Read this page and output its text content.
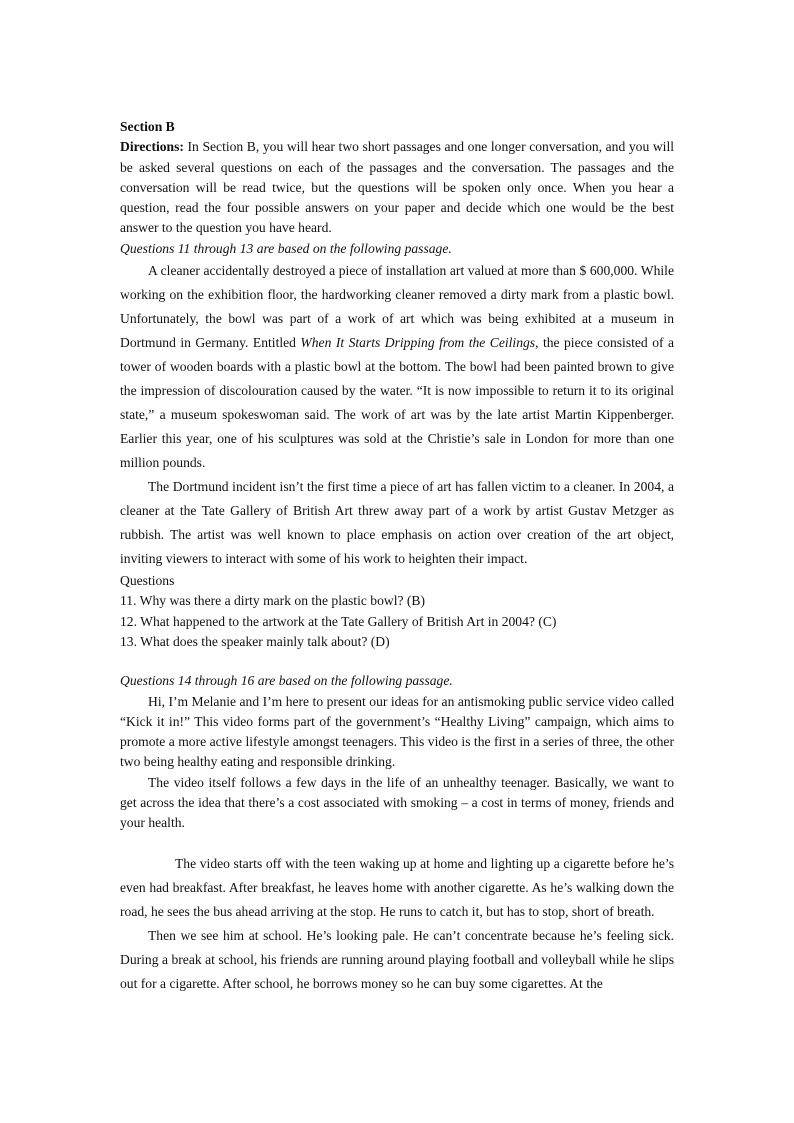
Section B

Directions: In Section B, you will hear two short passages and one longer conversation, and you will be asked several questions on each of the passages and the conversation. The passages and the conversation will be read twice, but the questions will be spoken only once. When you hear a question, read the four possible answers on your paper and decide which one would be the best answer to the question you have heard.

Questions 11 through 13 are based on the following passage.

A cleaner accidentally destroyed a piece of installation art valued at more than $ 600,000. While working on the exhibition floor, the hardworking cleaner removed a dirty mark from a plastic bowl. Unfortunately, the bowl was part of a work of art which was being exhibited at a museum in Dortmund in Germany. Entitled When It Starts Dripping from the Ceilings, the piece consisted of a tower of wooden boards with a plastic bowl at the bottom. The bowl had been painted brown to give the impression of discolouration caused by the water. “It is now impossible to return it to its original state,” a museum spokeswoman said. The work of art was by the late artist Martin Kippenberger. Earlier this year, one of his sculptures was sold at the Christie’s sale in London for more than one million pounds.

The Dortmund incident isn’t the first time a piece of art has fallen victim to a cleaner. In 2004, a cleaner at the Tate Gallery of British Art threw away part of a work by artist Gustav Metzger as rubbish. The artist was well known to place emphasis on action over creation of the art object, inviting viewers to interact with some of his work to heighten their impact.

Questions

11. Why was there a dirty mark on the plastic bowl? (B)

12. What happened to the artwork at the Tate Gallery of British Art in 2004? (C)

13. What does the speaker mainly talk about? (D)

Questions 14 through 16 are based on the following passage.

Hi, I’m Melanie and I’m here to present our ideas for an antismoking public service video called “Kick it in!” This video forms part of the government’s “Healthy Living” campaign, which aims to promote a more active lifestyle amongst teenagers. This video is the first in a series of three, the other two being healthy eating and responsible drinking.

The video itself follows a few days in the life of an unhealthy teenager. Basically, we want to get across the idea that there’s a cost associated with smoking – a cost in terms of money, friends and your health.

The video starts off with the teen waking up at home and lighting up a cigarette before he’s even had breakfast. After breakfast, he leaves home with another cigarette. As he’s walking down the road, he sees the bus ahead arriving at the stop. He runs to catch it, but has to stop, short of breath.

Then we see him at school. He’s looking pale. He can’t concentrate because he’s feeling sick. During a break at school, his friends are running around playing football and volleyball while he slips out for a cigarette. After school, he borrows money so he can buy some cigarettes. At the
